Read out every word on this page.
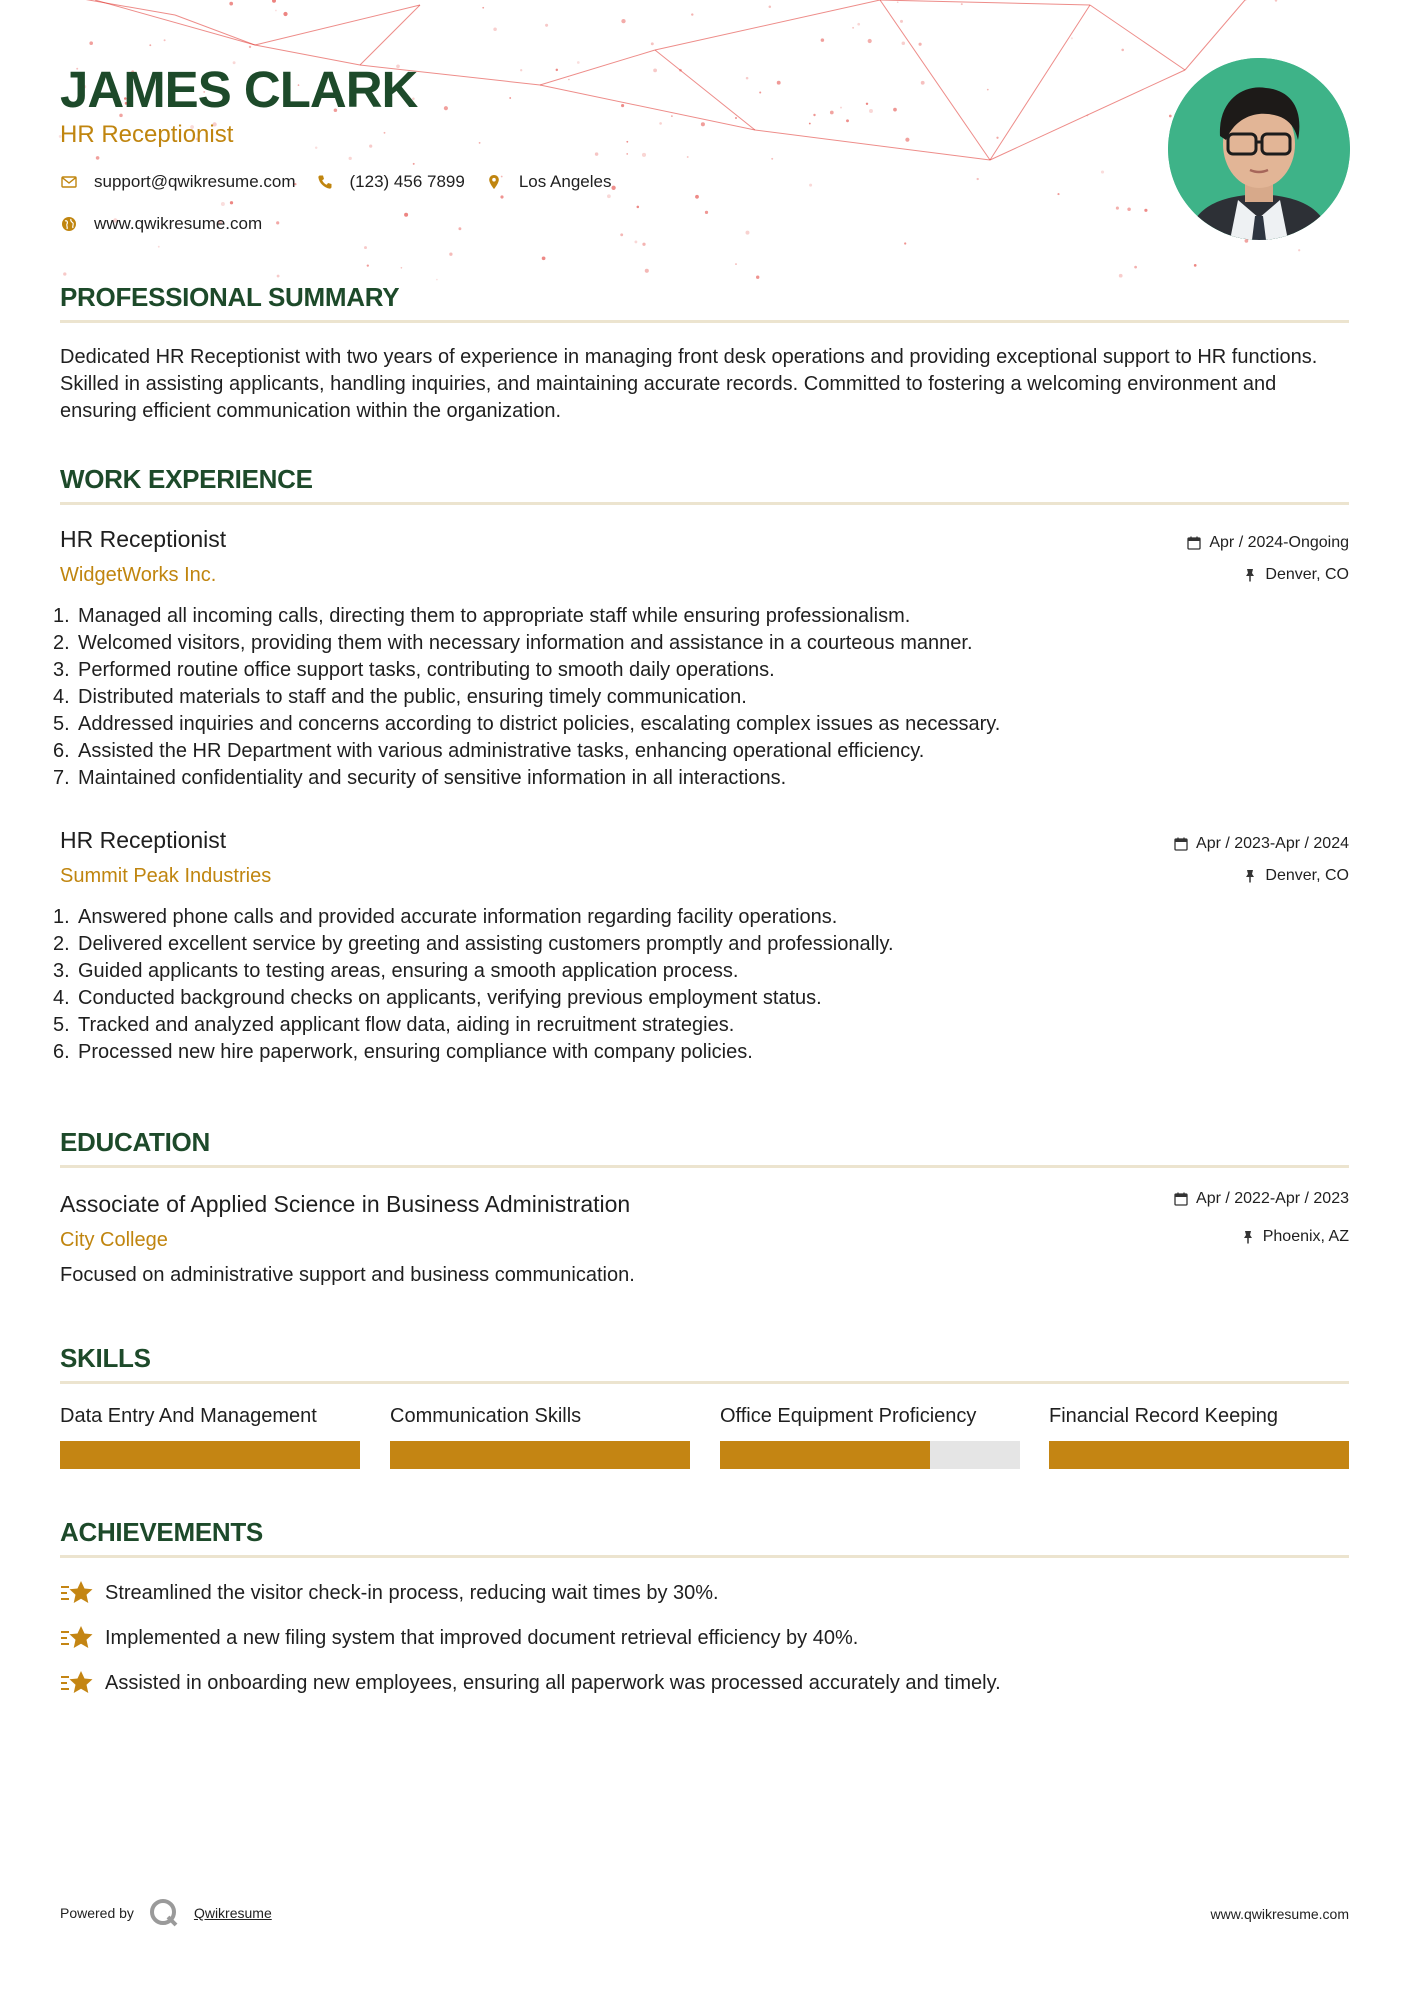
JAMES CLARK
HR Receptionist
support@qwikresume.com	(123) 456 7899	Los Angeles
www.qwikresume.com
PROFESSIONAL SUMMARY
Dedicated HR Receptionist with two years of experience in managing front desk operations and providing exceptional support to HR functions. Skilled in assisting applicants, handling inquiries, and maintaining accurate records. Committed to fostering a welcoming environment and ensuring efficient communication within the organization.
WORK EXPERIENCE
HR Receptionist
WidgetWorks Inc.
Apr / 2024-Ongoing
Denver, CO
1. Managed all incoming calls, directing them to appropriate staff while ensuring professionalism.
2. Welcomed visitors, providing them with necessary information and assistance in a courteous manner.
3. Performed routine office support tasks, contributing to smooth daily operations.
4. Distributed materials to staff and the public, ensuring timely communication.
5. Addressed inquiries and concerns according to district policies, escalating complex issues as necessary.
6. Assisted the HR Department with various administrative tasks, enhancing operational efficiency.
7. Maintained confidentiality and security of sensitive information in all interactions.
HR Receptionist
Summit Peak Industries
Apr / 2023-Apr / 2024
Denver, CO
1. Answered phone calls and provided accurate information regarding facility operations.
2. Delivered excellent service by greeting and assisting customers promptly and professionally.
3. Guided applicants to testing areas, ensuring a smooth application process.
4. Conducted background checks on applicants, verifying previous employment status.
5. Tracked and analyzed applicant flow data, aiding in recruitment strategies.
6. Processed new hire paperwork, ensuring compliance with company policies.
EDUCATION
Associate of Applied Science in Business Administration
City College
Apr / 2022-Apr / 2023
Phoenix, AZ
Focused on administrative support and business communication.
SKILLS
Data Entry And Management	Communication Skills	Office Equipment Proficiency	Financial Record Keeping
ACHIEVEMENTS
Streamlined the visitor check-in process, reducing wait times by 30%.
Implemented a new filing system that improved document retrieval efficiency by 40%.
Assisted in onboarding new employees, ensuring all paperwork was processed accurately and timely.
Powered by	Qwikresume	www.qwikresume.com
